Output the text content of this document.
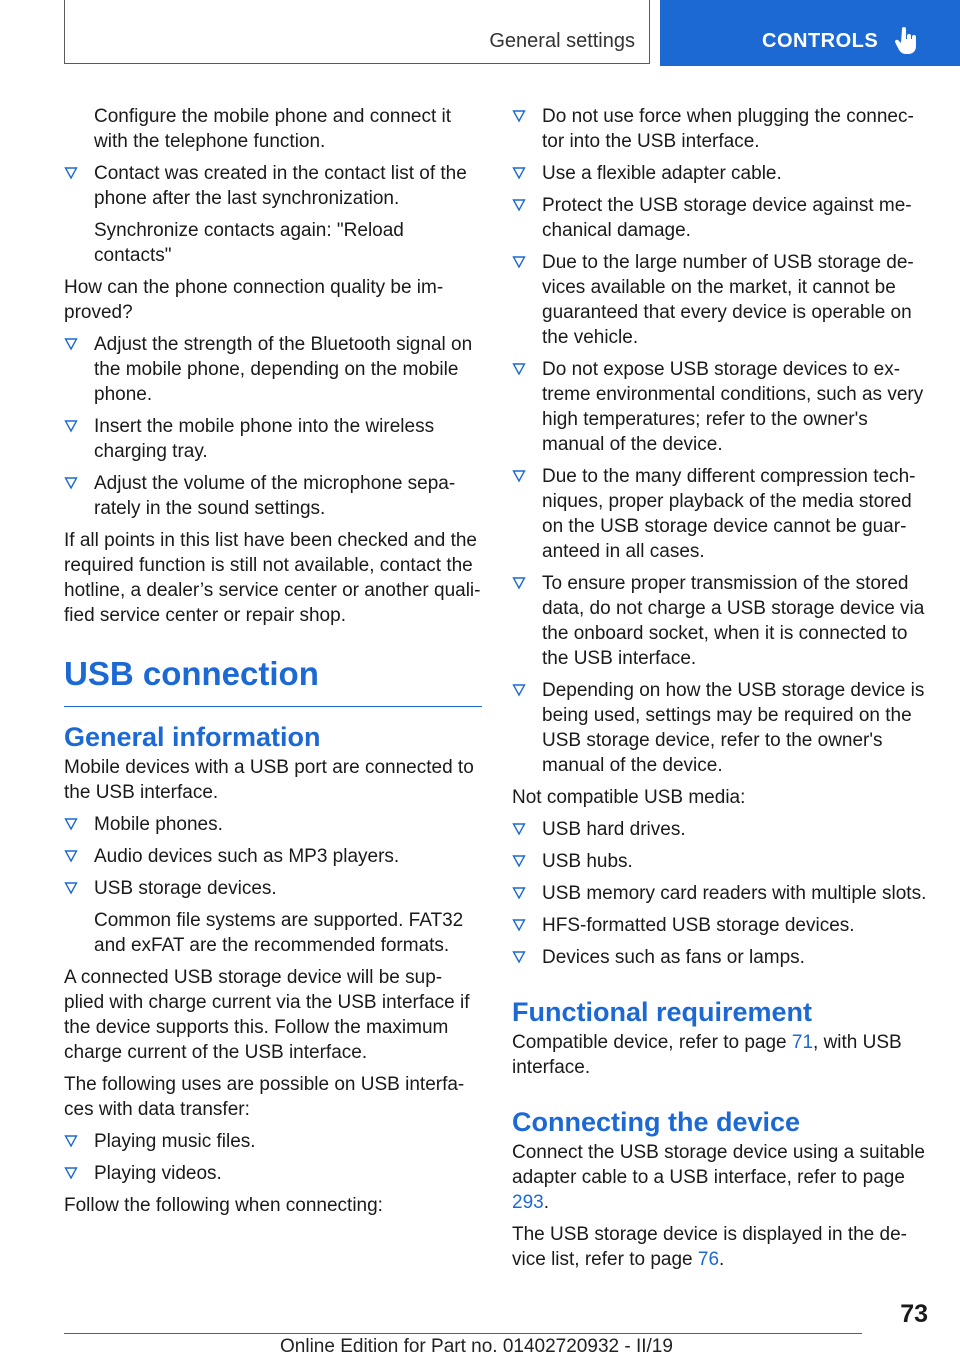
General settings	CONTROLS
Configure the mobile phone and connect it with the telephone function.
Contact was created in the contact list of the phone after the last synchronization.
Synchronize contacts again: "Reload contacts"
How can the phone connection quality be im‐proved?
Adjust the strength of the Bluetooth signal on the mobile phone, depending on the mobile phone.
Insert the mobile phone into the wireless charging tray.
Adjust the volume of the microphone sepa‐rately in the sound settings.
If all points in this list have been checked and the required function is still not available, contact the hotline, a dealer’s service center or another quali‐fied service center or repair shop.
USB connection
General information
Mobile devices with a USB port are connected to the USB interface.
Mobile phones.
Audio devices such as MP3 players.
USB storage devices.
Common file systems are supported. FAT32 and exFAT are the recommended formats.
A connected USB storage device will be sup‐plied with charge current via the USB interface if the device supports this. Follow the maximum charge current of the USB interface.
The following uses are possible on USB interfa‐ces with data transfer:
Playing music files.
Playing videos.
Follow the following when connecting:
Do not use force when plugging the connec‐tor into the USB interface.
Use a flexible adapter cable.
Protect the USB storage device against me‐chanical damage.
Due to the large number of USB storage de‐vices available on the market, it cannot be guaranteed that every device is operable on the vehicle.
Do not expose USB storage devices to ex‐treme environmental conditions, such as very high temperatures; refer to the owner's manual of the device.
Due to the many different compression tech‐niques, proper playback of the media stored on the USB storage device cannot be guar‐anteed in all cases.
To ensure proper transmission of the stored data, do not charge a USB storage device via the onboard socket, when it is connected to the USB interface.
Depending on how the USB storage device is being used, settings may be required on the USB storage device, refer to the owner's manual of the device.
Not compatible USB media:
USB hard drives.
USB hubs.
USB memory card readers with multiple slots.
HFS-formatted USB storage devices.
Devices such as fans or lamps.
Functional requirement
Compatible device, refer to page 71, with USB interface.
Connecting the device
Connect the USB storage device using a suitable adapter cable to a USB interface, refer to page 293.
The USB storage device is displayed in the de‐vice list, refer to page 76.
73
Online Edition for Part no. 01402720932 - II/19
